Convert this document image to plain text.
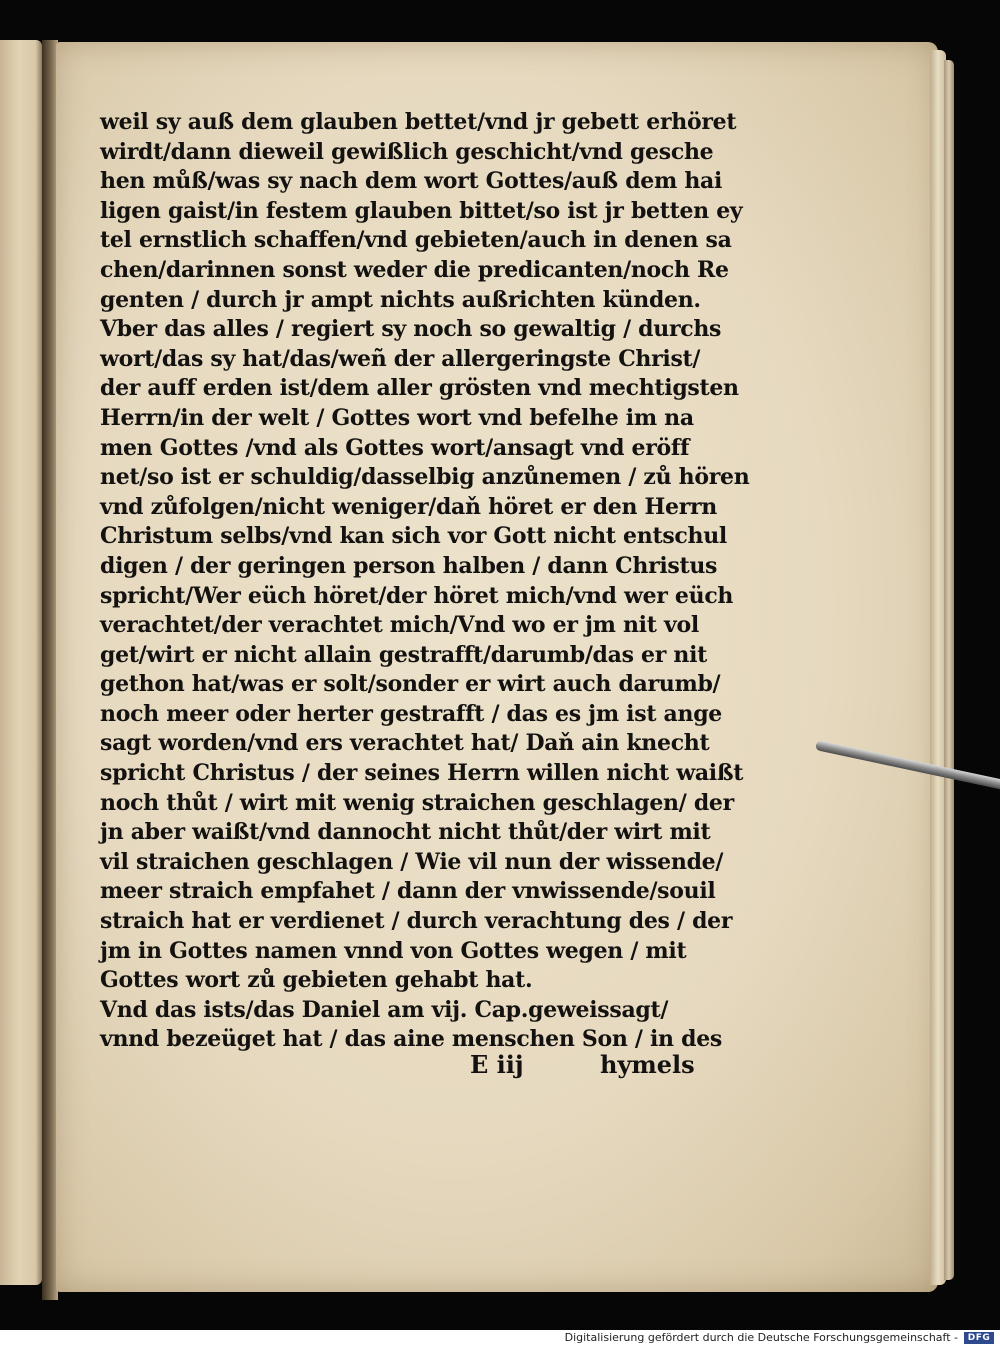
weil sy auß dem glauben bettet/vnd jr gebett erhöret
wirdt/dann dieweil gewißlich geschicht/vnd gesche
hen můß/was sy nach dem wort Gottes/auß dem hai
ligen gaist/in festem glauben bittet/so ist jr betten ey
tel ernstlich schaffen/vnd gebieten/auch in denen sa
chen/darinnen sonst weder die predicanten/noch Re
genten / durch jr ampt nichts außrichten künden.
Vber das alles / regiert sy noch so gewaltig / durchs
wort/das sy hat/das/weñ der allergeringste Christ/
der auff erden ist/dem aller grösten vnd mechtigsten
Herrn/in der welt / Gottes wort vnd befelhe im na
men Gottes /vnd als Gottes wort/ansagt vnd eröff
net/so ist er schuldig/dasselbig anzůnemen / zů hören
vnd zůfolgen/nicht weniger/daň höret er den Herrn
Christum selbs/vnd kan sich vor Gott nicht entschul
digen / der geringen person halben / dann Christus
spricht/Wer eüch höret/der höret mich/vnd wer eüch
verachtet/der verachtet mich/Vnd wo er jm nit vol
get/wirt er nicht allain gestrafft/darumb/das er nit
gethon hat/was er solt/sonder er wirt auch darumb/
noch meer oder herter gestrafft / das es jm ist ange
sagt worden/vnd ers verachtet hat/ Daň ain knecht
spricht Christus / der seines Herrn willen nicht waißt
noch thůt / wirt mit wenig straichen geschlagen/ der
jn aber waißt/vnd dannocht nicht thůt/der wirt mit
vil straichen geschlagen / Wie vil nun der wissende/
meer straich empfahet / dann der vnwissende/souil
straich hat er verdienet / durch verachtung des / der
jm in Gottes namen vnnd von Gottes wegen / mit
Gottes wort zů gebieten gehabt hat.
Vnd das ists/das Daniel am vij. Cap.geweissagt/
vnnd bezeüget hat / das aine menschen Son / in des
E iij	hymels
Digitalisierung gefördert durch die Deutsche Forschungsgemeinschaft -	DFG
